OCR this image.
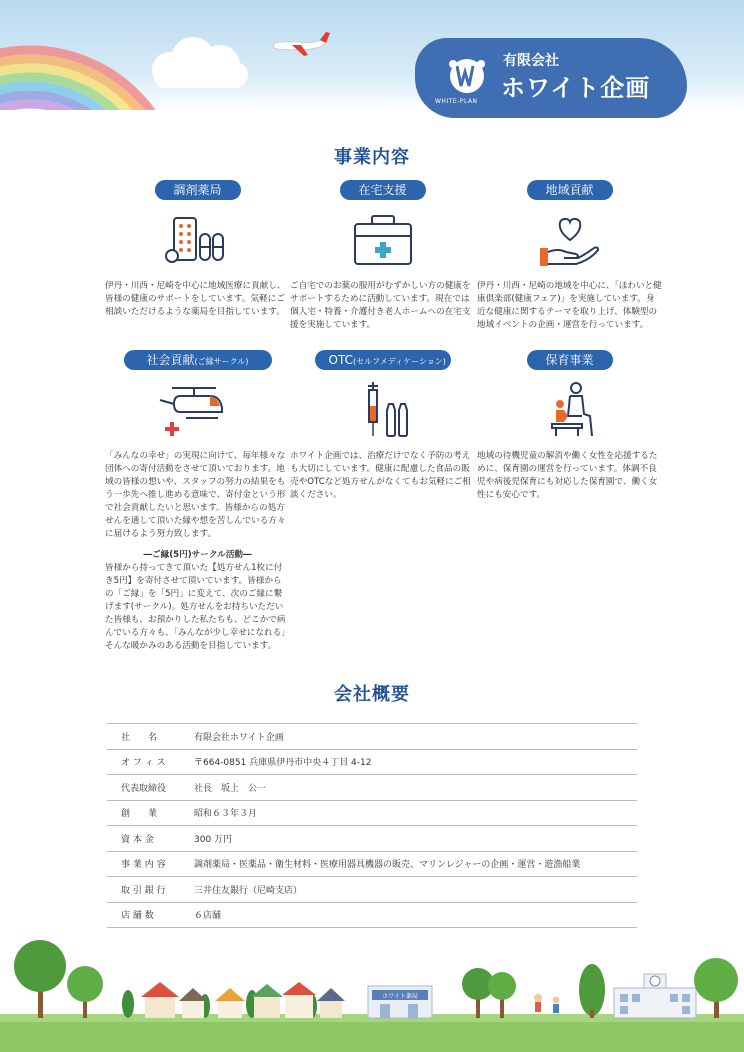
WHITE-PLAN
有限会社
ホワイト企画
事業内容
調剤薬局

伊丹・川西・尼崎を中心に地域医療に貢献し、皆様の健康のサポートをしています。気軽にご相談いただけるような薬局を目指しています。

在宅支援

ご自宅でのお薬の服用がむずかしい方の健康をサポートするために活動しています。現在では個人宅・特養・介護付き老人ホームへの在宅支援を実施しています。

地域貢献

伊丹・川西・尼崎の地域を中心に、「ほわいと健康倶楽部(健康フェア)」を実施しています。身近な健康に関するテーマを取り上げ、体験型の地域イベントの企画・運営を行っています。

社会貢献(ご縁サークル)

「みんなの幸せ」の実現に向けて、毎年様々な団体への寄付活動をさせて頂いております。地域の皆様の想いや、スタッフの努力の結果をもう一歩先へ推し進める意味で、寄付金という形で社会貢献したいと思います。皆様からの処方せんを通して頂いた縁や想を苦しんでいる方々に届けるよう努力致します。

―ご縁(5円)サークル活動―

皆様から持ってきて頂いた【処方せん1枚に付き5円】を寄付させて頂いています。皆様からの「ご縁」を「5円」に変えて、次のご縁に繋げます(サークル)。処方せんをお持ちいただいた皆様も、お預かりした私たちも、どこかで病んでいる方々も、「みんなが少し幸せになれる」そんな暖かみのある活動を目指しています。

OTC(セルフメディケーション)

ホワイト企画では、治療だけでなく予防の考えも大切にしています。健康に配慮した食品の販売やOTCなど処方せんがなくてもお気軽にご相談ください。

保育事業

地域の待機児童の解消や働く女性を応援するために、保育園の運営を行っています。体調不良児や病後児保育にも対応した保育園で、働く女性にも安心です。

会社概要
社　　名	有限会社ホワイト企画
オ フ ィ ス	〒664-0851 兵庫県伊丹市中央４丁目 4-12
代表取締役	社長　坂上　公一
創　　業	昭和６３年３月
資 本 金	300 万円
事 業 内 容	調剤薬局・医薬品・衛生材料・医療用器具機器の販売、マリンレジャーの企画・運営・遊漁船業
取 引 銀 行	三井住友銀行（尼崎支店）
店 舗 数	６店舗
ホワイト薬局
